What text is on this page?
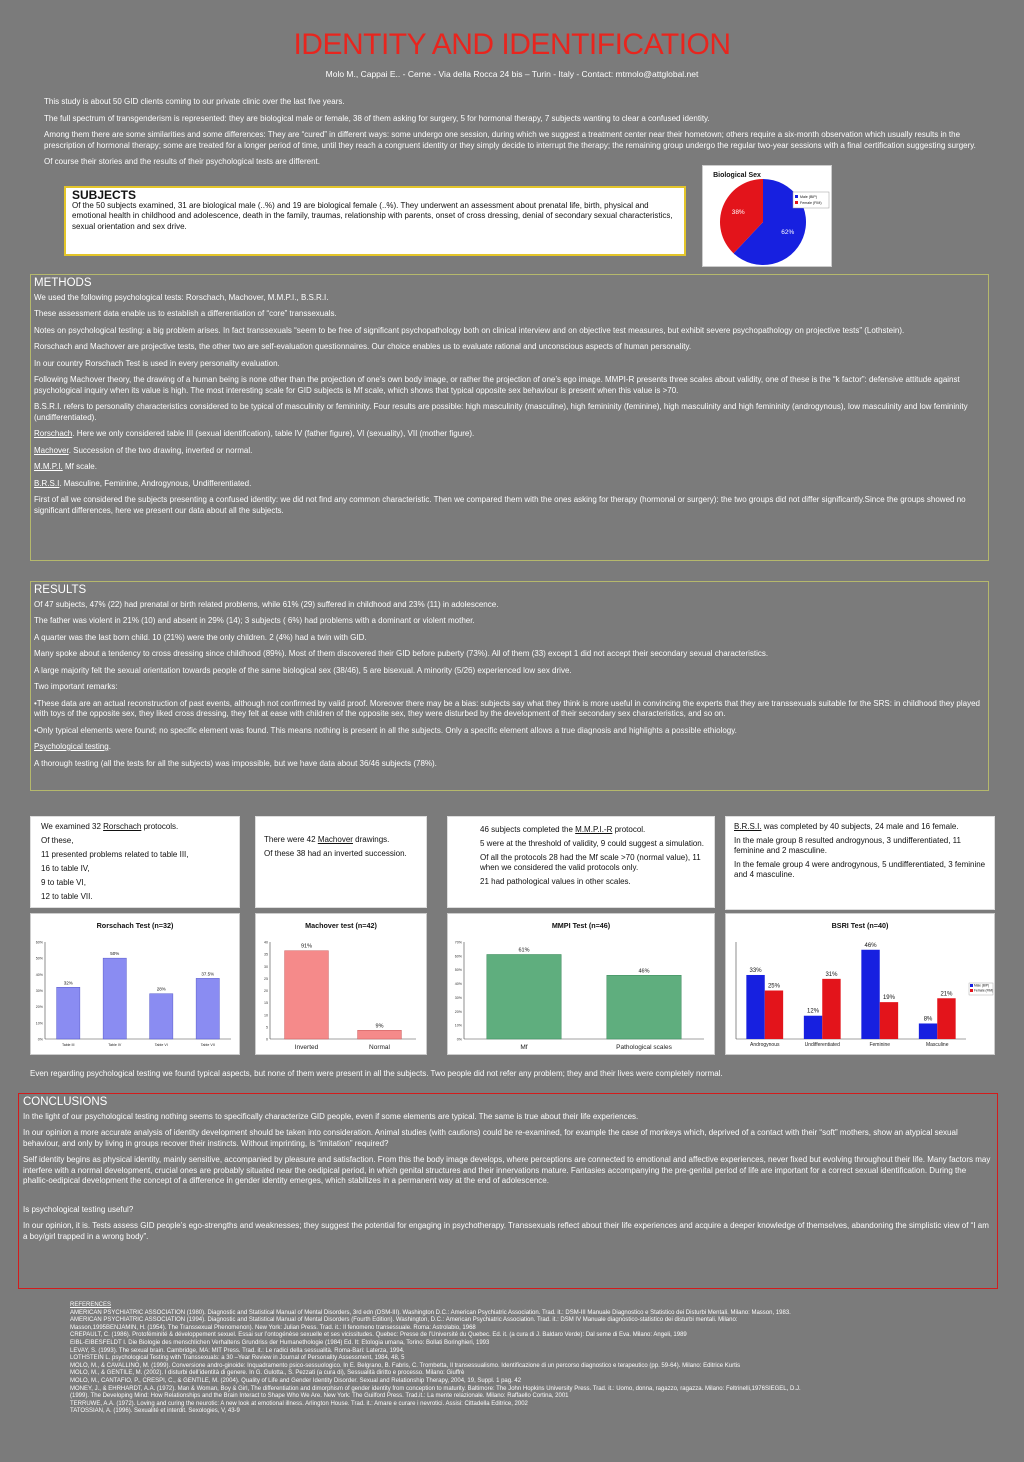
IDENTITY AND IDENTIFICATION
Molo M., Cappai E.. - Cerne - Via della Rocca 24 bis – Turin - Italy - Contact: mtmolo@attglobal.net

This study is about 50 GID clients coming to our private clinic over the last five years.

The full spectrum of transgenderism is represented: they are biological male or female, 38 of them asking for surgery, 5 for hormonal therapy, 7 subjects wanting to clear a confused identity.

Among them there are some similarities and some differences: They are “cured” in different ways: some undergo one session, during which we suggest a treatment center near their hometown; others require a six-month observation which usually results in the prescription of hormonal therapy; some are treated for a longer period of time, until they reach a congruent identity or they simply decide to interrupt the therapy; the remaining group undergo the regular two-year sessions with a final certification suggesting surgery.

Of course their stories and the results of their psychological tests are different.

SUBJECTS

Of the 50 subjects examined, 31 are biological male (..%) and 19 are biological female (..%). They underwent an assessment about prenatal life, birth, physical and emotional health in childhood and adolescence, death in the family, traumas, relationship with parents, onset of cross dressing, denial of secondary sexual characteristics, sexual orientation and sex drive.

Biological Sex
62%
38%
Male (BIP)
Female (FIM)
METHODS

We used the following psychological tests: Rorschach, Machover, M.M.P.I., B.S.R.I.

These assessment data enable us to establish a differentiation of “core” transsexuals.

Notes on psychological testing: a big problem arises. In fact transsexuals “seem to be free of significant psychopathology both on clinical interview and on objective test measures, but exhibit severe psychopathology on projective tests” (Lothstein).

Rorschach and Machover are projective tests, the other two are self-evaluation questionnaires. Our choice enables us to evaluate rational and unconscious aspects of human personality.

In our country Rorschach Test is used in every personality evaluation.

Following Machover theory, the drawing of a human being is none other than the projection of one’s own body image, or rather the projection of one’s ego image. MMPI-R presents three scales about validity, one of these is the “k factor”: defensive attitude against psychological inquiry when its value is high. The most interesting scale for GID subjects is Mf scale, which shows that typical opposite sex behaviour is present when this value is >70.

B.S.R.I. refers to personality characteristics considered to be typical of masculinity or femininity. Four results are possible: high masculinity (masculine), high femininity (feminine), high masculinity and high femininity (androgynous), low masculinity and low femininity (undifferentiated).

Rorschach. Here we only considered table III (sexual identification), table IV (father figure), VI (sexuality), VII (mother figure).

Machover. Succession of the two drawing, inverted or normal.

M.M.P.I. Mf scale.

B.R.S.I. Masculine, Feminine, Androgynous, Undifferentiated.

First of all we considered the subjects presenting a confused identity: we did not find any common characteristic. Then we compared them with the ones asking for therapy (hormonal or surgery): the two groups did not differ significantly.Since the groups showed no significant differences, here we present our data about all the subjects.

RESULTS

Of 47 subjects, 47% (22) had prenatal or birth related problems, while 61% (29) suffered in childhood and 23% (11) in adolescence.

The father was violent in 21% (10) and absent in 29% (14); 3 subjects ( 6%) had problems with a dominant or violent mother.

A quarter was the last born child. 10 (21%) were the only children. 2 (4%) had a twin with GID.

Many spoke about a tendency to cross dressing since childhood (89%). Most of them discovered their GID before puberty (73%). All of them (33) except 1 did not accept their secondary sexual characteristics.

A large majority felt the sexual orientation towards people of the same biological sex (38/46), 5 are bisexual. A minority (5/26) experienced low sex drive.

Two important remarks:

•These data are an actual reconstruction of past events, although not confirmed by valid proof. Moreover there may be a bias: subjects say what they think is more useful in convincing the experts that they are transsexuals suitable for the SRS: in childhood they played with toys of the opposite sex, they liked cross dressing, they felt at ease with children of the opposite sex, they were disturbed by the development of their secondary sex characteristics, and so on.

•Only typical elements were found; no specific element was found. This means nothing is present in all the subjects. Only a specific element allows a true diagnosis and highlights a possible ethiology.

Psychological testing.

A thorough testing (all the tests for all the subjects) was impossible, but we have data about 36/46 subjects (78%).

We examined 32 Rorschach protocols.

Of these,

11 presented problems related to table III,

16 to table IV,

9 to table VI,

12 to table VII.

There were 42 Machover drawings.

Of these 38 had an inverted succession.

46 subjects completed the M.M.P.I.-R protocol.

5 were at the threshold of validity, 9 could suggest a simulation.

Of all the protocols 28 had the Mf scale >70 (normal value), 11 when we considered the valid protocols only.

21 had pathological values in other scales.

B.R.S.I. was completed by 40 subjects, 24 male and 16 female.

In the male group 8 resulted androgynous, 3 undifferentiated, 11 feminine and 2 masculine.

In the female group 4 were androgynous, 5 undifferentiated, 3 feminine and 4 masculine.

Rorschach Test (n=32)
0%
10%
20%
30%
40%
50%
60%
Table III
32%
Table IV
50%
Table VI
28%
Table VII
37.5%
Machover test (n=42)
0
5
10
15
20
25
30
35
40
Inverted
91%
Normal
9%
MMPI Test (n=46)
0%
10%
20%
30%
40%
50%
60%
70%
Mf
61%
Pathological scales
46%
BSRI Test (n=40)
Androgynous
33%
25%
Undifferentiated
12%
31%
Feminine
46%
19%
Masculine
8%
21%
Male (BIP)
Female (FIM)
Even regarding psychological testing we found typical aspects, but none of them were present in all the subjects. Two people did not refer any problem; they and their lives were completely normal.
CONCLUSIONS

In the light of our psychological testing nothing seems to specifically characterize GID people, even if some elements are typical. The same is true about their life experiences.

In our opinion a more accurate analysis of identity development should be taken into consideration. Animal studies (with cautions) could be re-examined, for example the case of monkeys which, deprived of a contact with their “soft” mothers, show an atypical sexual behaviour, and only by living in groups recover their instincts. Without imprinting, is “imitation” required?

Self identity begins as physical identity, mainly sensitive, accompanied by pleasure and satisfaction. From this the body image develops, where perceptions are connected to emotional and affective experiences, never fixed but evolving throughout their life. Many factors may interfere with a normal development, crucial ones are probably situated near the oedipical period, in which genital structures and their innervations mature. Fantasies accompanying the pre-genital period of life are important for a correct sexual identification. During the phallic-oedipical development the concept of a difference in gender identity emerges, which stabilizes in a permanent way at the end of adolescence.

Is psychological testing useful?

In our opinion, it is. Tests assess GID people’s ego-strengths and weaknesses; they suggest the potential for engaging in psychotherapy. Transsexuals reflect about their life experiences and acquire a deeper knowledge of themselves, abandoning the simplistic view of “I am a boy/girl trapped in a wrong body”.

REFERENCES
AMERICAN PSYCHIATRIC ASSOCIATION (1980). Diagnostic and Statistical Manual of Mental Disorders, 3rd edn (DSM-III). Washington D.C.: American Psychiatric Association. Trad. it.: DSM-III Manuale Diagnostico e Statistico dei Disturbi Mentali. Milano: Masson, 1983.
AMERICAN PSYCHIATRIC ASSOCIATION (1994). Diagnostic and Statistical Manual of Mental Disorders (Fourth Edition). Washington, D.C.: American Psychiatric Association. Trad. it.: DSM IV Manuale diagnostico-statistico dei disturbi mentali. Milano:
Masson,1995BENJAMIN, H. (1954). The Transsexual Phenomenon). New York: Julian Press. Trad. it.: Il fenomeno transessuale. Roma: Astrolabio, 1968
CREPAULT, C. (1986). Protoféminité & développement sexuel. Essai sur l’ontogénèse sexuelle et ses vicissitudes. Quebec: Presse de l’Université du Quebec. Ed. it. (a cura di J. Baldaro Verde): Dal seme di Eva. Milano: Angeli, 1989
EIBL-EIBESFELDT I. Die Biologie des menschlichen Verhaltens Grundriss der Humanethologie (1984) Ed. It: Etologia umana, Torino: Bollati Boringhieri, 1993
LEVAY, S. (1993). The sexual brain. Cambridge, MA: MIT Press. Trad. it.: Le radici della sessualità. Roma-Bari: Laterza, 1994.
LOTHSTEIN L. psychological Testing with Transsexuals: a 30 –Year Review in Journal of Personality Assessment, 1984, 48, 5
MOLO, M., & CAVALLINO, M. (1999). Conversione andro-ginoide: Inquadramento psico-sessuologico. In E. Belgrano, B. Fabris, C. Trombetta, Il transessualismo. Identificazione di un percorso diagnostico e terapeutico (pp. 59-64). Milano: Editrice Kurtis
MOLO, M., & GENTILE, M. (2002). I disturbi dell’identità di genere. In G. Gulotta., S. Pezzati (a cura di), Sessualità diritto e processo. Milano: Giuffrè
MOLO, M., CANTAFIO, P., CRESPI, C., & GENTILE, M. (2004). Quality of Life and Gender Identity Disorder. Sexual and Relationship Therapy, 2004, 19, Suppl. 1 pag. 42
MONEY, J., & EHRHARDT, A.A. (1972). Man & Woman, Boy & Girl, The differentiation and dimorphism of gender identity from conception to maturity. Baltimore: The John Hopkins University Press. Trad. it.: Uomo, donna, ragazzo, ragazza. Milano: Feltrinelli,1976SIEGEL, D.J.
(1999). The Developing Mind: How Relationships and the Brain Interact to Shape Who We Are. New York: The Guilford Press. Trad.it.: La mente relazionale. Milano: Raffaello Cortina, 2001
TERRUWE, A.A. (1972). Loving and curing the neurotic: A new look at emotional illness. Arlington House. Trad. it.: Amare e curare i nevrotici. Assisi: Cittadella Editrice, 2002
TATOSSIAN, A. (1996). Sexualité et interdit. Sexologies, V, 43-9
